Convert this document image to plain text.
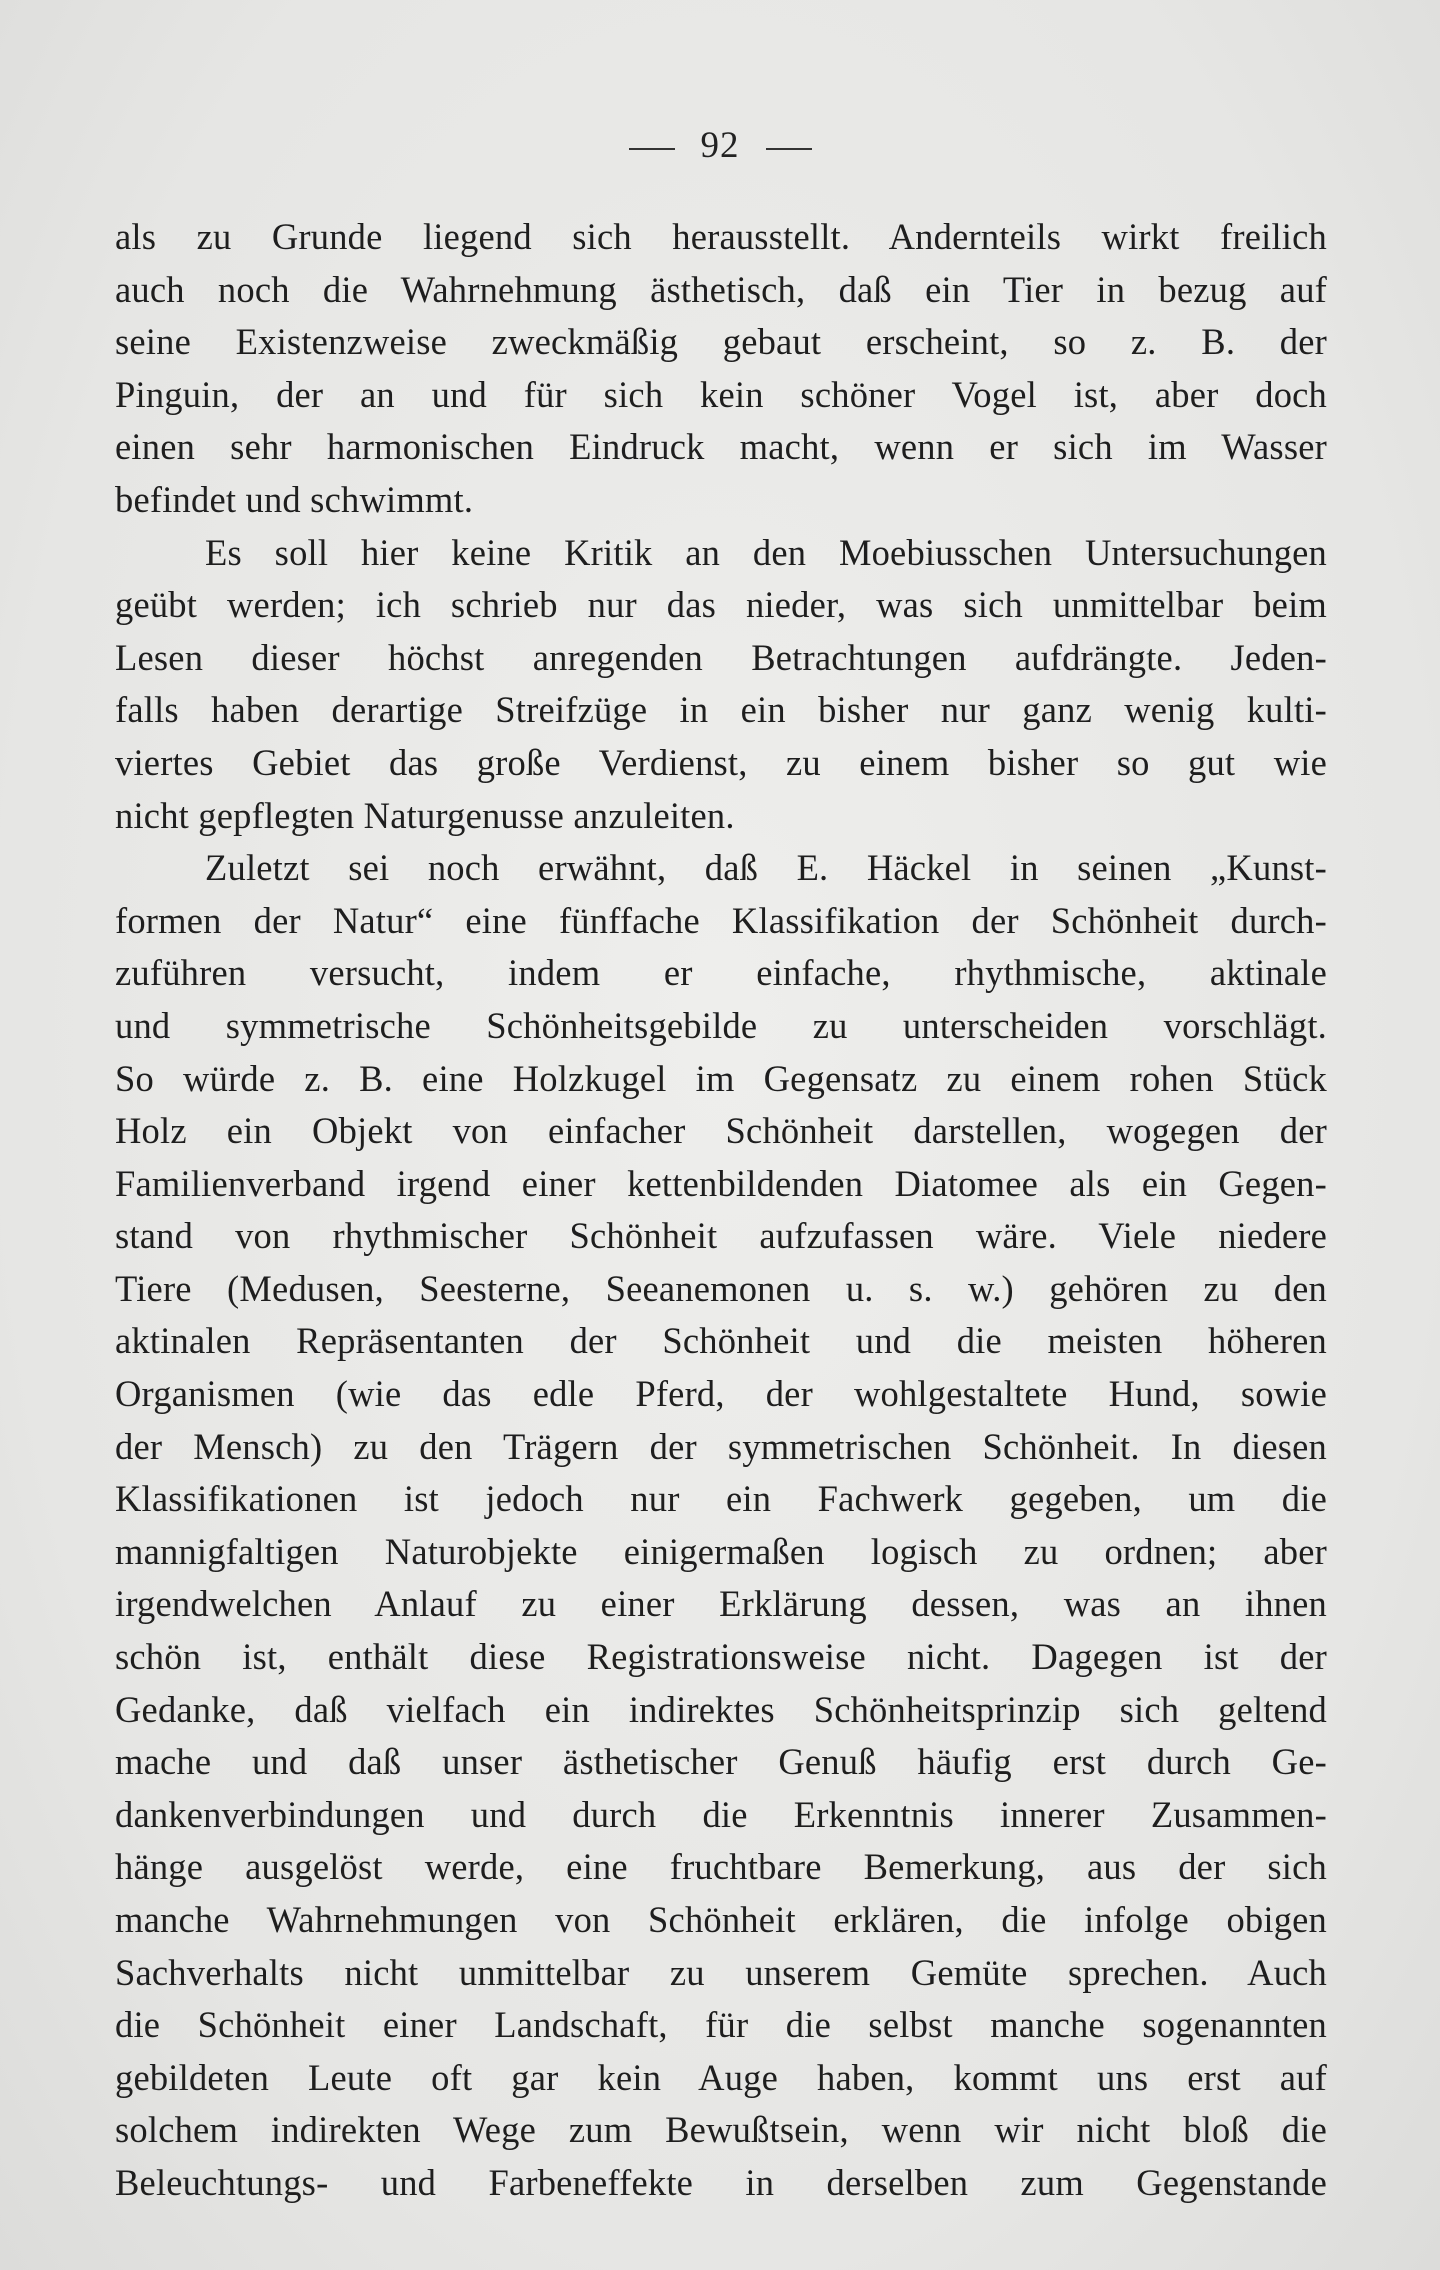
92
als zu Grunde liegend sich herausstellt. Andernteils wirkt freilich
auch noch die Wahrnehmung ästhetisch, daß ein Tier in bezug auf
seine Existenzweise zweckmäßig gebaut erscheint, so z. B. der
Pinguin, der an und für sich kein schöner Vogel ist, aber doch
einen sehr harmonischen Eindruck macht, wenn er sich im Wasser
befindet und schwimmt.
Es soll hier keine Kritik an den Moebiusschen Untersuchungen
geübt werden; ich schrieb nur das nieder, was sich unmittelbar beim
Lesen dieser höchst anregenden Betrachtungen aufdrängte. Jeden-
falls haben derartige Streifzüge in ein bisher nur ganz wenig kulti-
viertes Gebiet das große Verdienst, zu einem bisher so gut wie
nicht gepflegten Naturgenusse anzuleiten.
Zuletzt sei noch erwähnt, daß E. Häckel in seinen „Kunst-
formen der Natur“ eine fünffache Klassifikation der Schönheit durch-
zuführen versucht, indem er einfache, rhythmische, aktinale
und symmetrische Schönheitsgebilde zu unterscheiden vorschlägt.
So würde z. B. eine Holzkugel im Gegensatz zu einem rohen Stück
Holz ein Objekt von einfacher Schönheit darstellen, wogegen der
Familienverband irgend einer kettenbildenden Diatomee als ein Gegen-
stand von rhythmischer Schönheit aufzufassen wäre. Viele niedere
Tiere (Medusen, Seesterne, Seeanemonen u. s. w.) gehören zu den
aktinalen Repräsentanten der Schönheit und die meisten höheren
Organismen (wie das edle Pferd, der wohlgestaltete Hund, sowie
der Mensch) zu den Trägern der symmetrischen Schönheit. In diesen
Klassifikationen ist jedoch nur ein Fachwerk gegeben, um die
mannigfaltigen Naturobjekte einigermaßen logisch zu ordnen; aber
irgendwelchen Anlauf zu einer Erklärung dessen, was an ihnen
schön ist, enthält diese Registrationsweise nicht. Dagegen ist der
Gedanke, daß vielfach ein indirektes Schönheitsprinzip sich geltend
mache und daß unser ästhetischer Genuß häufig erst durch Ge-
dankenverbindungen und durch die Erkenntnis innerer Zusammen-
hänge ausgelöst werde, eine fruchtbare Bemerkung, aus der sich
manche Wahrnehmungen von Schönheit erklären, die infolge obigen
Sachverhalts nicht unmittelbar zu unserem Gemüte sprechen. Auch
die Schönheit einer Landschaft, für die selbst manche sogenannten
gebildeten Leute oft gar kein Auge haben, kommt uns erst auf
solchem indirekten Wege zum Bewußtsein, wenn wir nicht bloß die
Beleuchtungs- und Farbeneffekte in derselben zum Gegenstande
